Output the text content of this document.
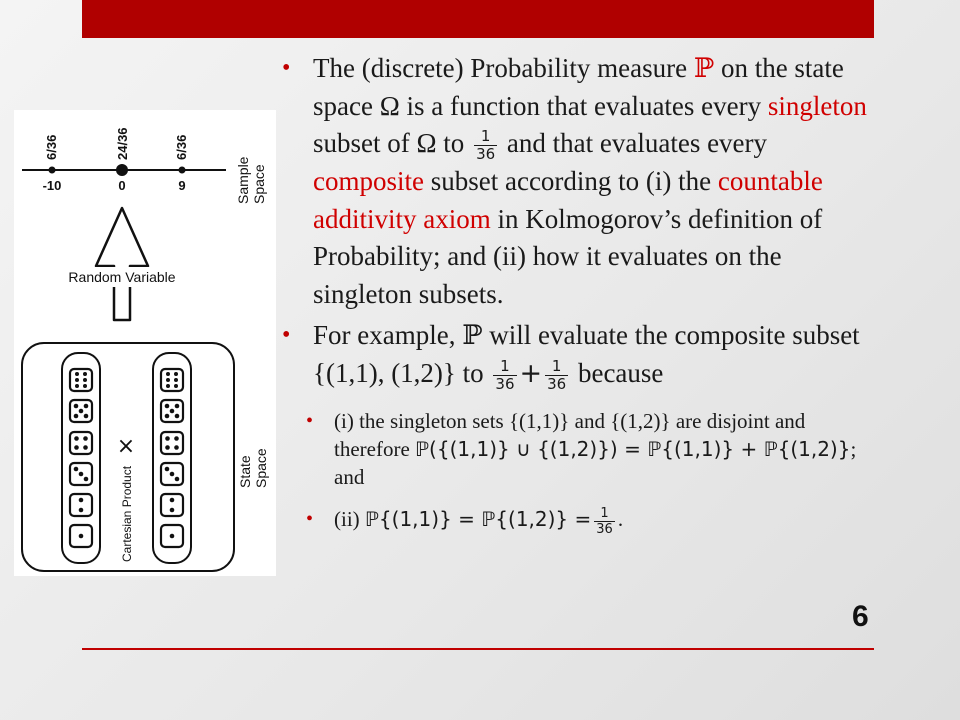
6/36	24/36	6/36
-10	0	9	Sample Space
Random Variable
×
Cartesian Product	State Space

• The (discrete) Probability measure ℙ on the state space Ω is a function that evaluates every singleton subset of Ω to $\frac{1}{36}$ and that evaluates every composite subset according to (i) the countable additivity axiom in Kolmogorov’s definition of Probability; and (ii) how it evaluates on the singleton subsets.

• For example, ℙ will evaluate the composite subset {(1,1), (1,2)} to $\frac{1}{36} + \frac{1}{36}$ because

• (i) the singleton sets {(1,1)} and {(1,2)} are disjoint and therefore ℙ({(1,1)} ∪ {(1,2)}) = ℙ{(1,1)} + ℙ{(1,2)}; and

• (ii) ℙ{(1,1)} = ℙ{(1,2)} = $\frac{1}{36}$ .

6
